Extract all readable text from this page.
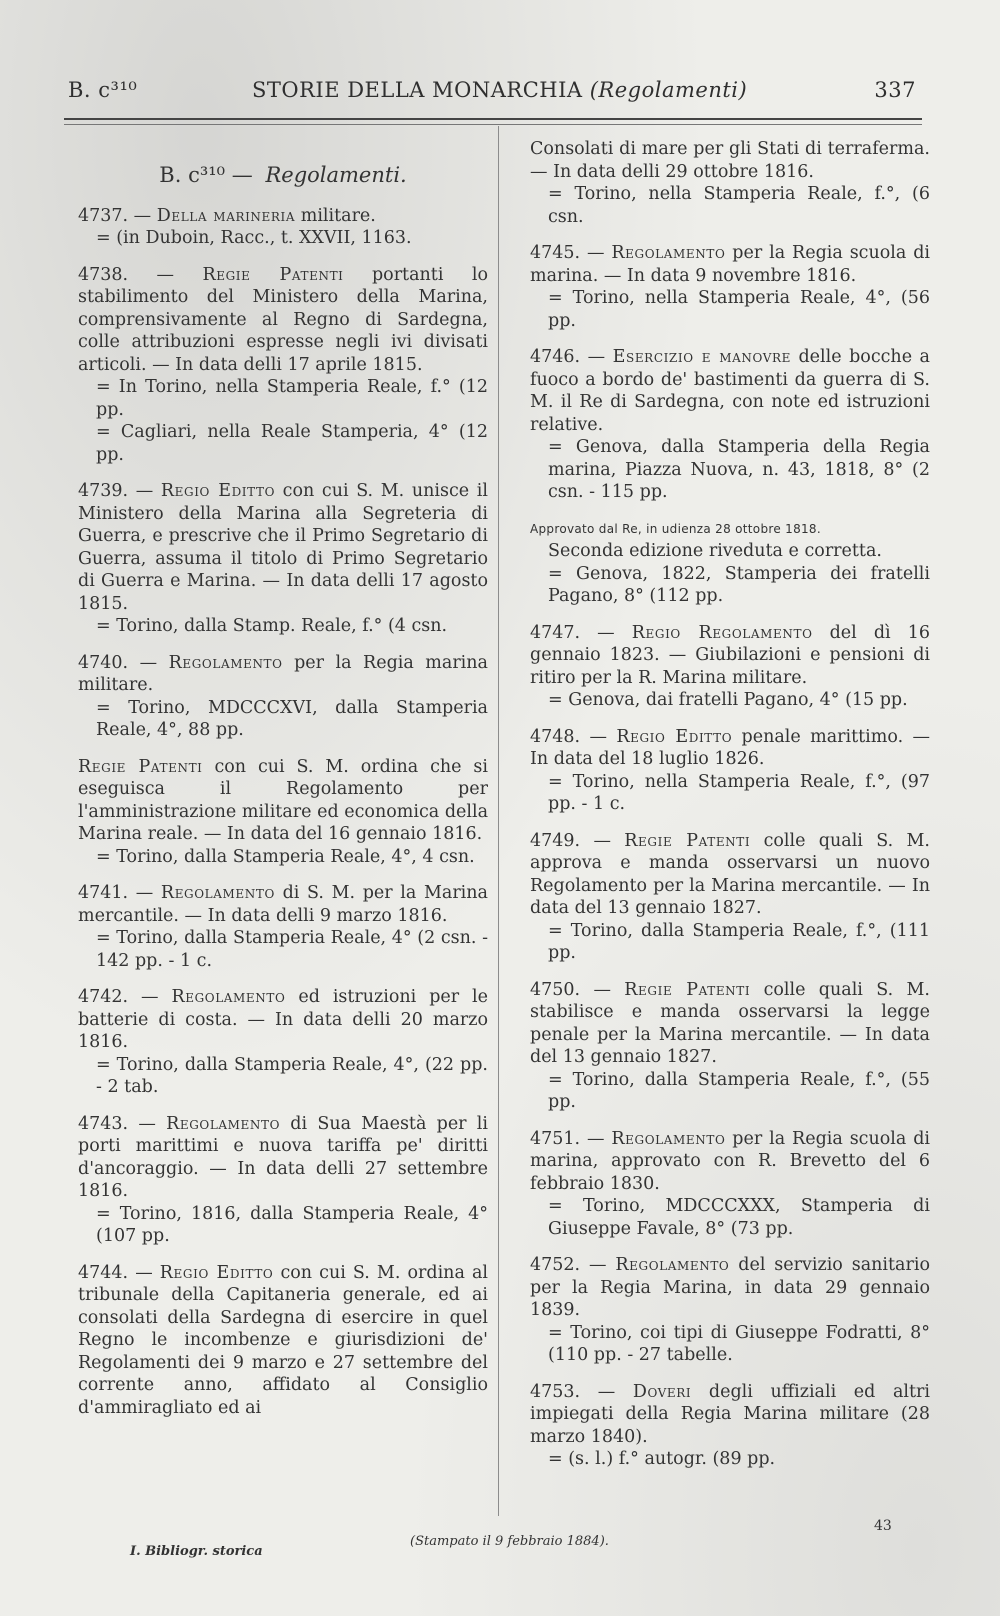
B. c³¹⁰	STORIE DELLA MONARCHIA (Regolamenti)	337
B. c³¹⁰ — Regolamenti.

4737. — Della marineria militare.

= (in Duboin, Racc., t. XXVII, 1163.

4738. — Regie Patenti portanti lo stabilimento del Ministero della Marina, comprensivamente al Regno di Sardegna, colle attribuzioni espresse negli ivi divisati articoli. — In data delli 17 aprile 1815.

= In Torino, nella Stamperia Reale, f.° (12 pp.

= Cagliari, nella Reale Stamperia, 4° (12 pp.

4739. — Regio Editto con cui S. M. unisce il Ministero della Marina alla Segreteria di Guerra, e prescrive che il Primo Segretario di Guerra, assuma il titolo di Primo Segretario di Guerra e Marina. — In data delli 17 agosto 1815.

= Torino, dalla Stamp. Reale, f.° (4 csn.

4740. — Regolamento per la Regia marina militare.

= Torino, MDCCCXVI, dalla Stamperia Reale, 4°, 88 pp.

Regie Patenti con cui S. M. ordina che si eseguisca il Regolamento per l'amministrazione militare ed economica della Marina reale. — In data del 16 gennaio 1816.

= Torino, dalla Stamperia Reale, 4°, 4 csn.

4741. — Regolamento di S. M. per la Marina mercantile. — In data delli 9 marzo 1816.

= Torino, dalla Stamperia Reale, 4° (2 csn. - 142 pp. - 1 c.

4742. — Regolamento ed istruzioni per le batterie di costa. — In data delli 20 marzo 1816.

= Torino, dalla Stamperia Reale, 4°, (22 pp. - 2 tab.

4743. — Regolamento di Sua Maestà per li porti marittimi e nuova tariffa pe' diritti d'ancoraggio. — In data delli 27 settembre 1816.

= Torino, 1816, dalla Stamperia Reale, 4° (107 pp.

4744. — Regio Editto con cui S. M. ordina al tribunale della Capitaneria generale, ed ai consolati della Sardegna di esercire in quel Regno le incombenze e giurisdizioni de' Regolamenti dei 9 marzo e 27 settembre del corrente anno, affidato al Consiglio d'ammiragliato ed ai

Consolati di mare per gli Stati di terraferma. — In data delli 29 ottobre 1816.

= Torino, nella Stamperia Reale, f.°, (6 csn.

4745. — Regolamento per la Regia scuola di marina. — In data 9 novembre 1816.

= Torino, nella Stamperia Reale, 4°, (56 pp.

4746. — Esercizio e manovre delle bocche a fuoco a bordo de' bastimenti da guerra di S. M. il Re di Sardegna, con note ed istruzioni relative.

= Genova, dalla Stamperia della Regia marina, Piazza Nuova, n. 43, 1818, 8° (2 csn. - 115 pp.

Approvato dal Re, in udienza 28 ottobre 1818.

Seconda edizione riveduta e corretta.

= Genova, 1822, Stamperia dei fratelli Pagano, 8° (112 pp.

4747. — Regio Regolamento del dì 16 gennaio 1823. — Giubilazioni e pensioni di ritiro per la R. Marina militare.

= Genova, dai fratelli Pagano, 4° (15 pp.

4748. — Regio Editto penale marittimo. — In data del 18 luglio 1826.

= Torino, nella Stamperia Reale, f.°, (97 pp. - 1 c.

4749. — Regie Patenti colle quali S. M. approva e manda osservarsi un nuovo Regolamento per la Marina mercantile. — In data del 13 gennaio 1827.

= Torino, dalla Stamperia Reale, f.°, (111 pp.

4750. — Regie Patenti colle quali S. M. stabilisce e manda osservarsi la legge penale per la Marina mercantile. — In data del 13 gennaio 1827.

= Torino, dalla Stamperia Reale, f.°, (55 pp.

4751. — Regolamento per la Regia scuola di marina, approvato con R. Brevetto del 6 febbraio 1830.

= Torino, MDCCCXXX, Stamperia di Giuseppe Favale, 8° (73 pp.

4752. — Regolamento del servizio sanitario per la Regia Marina, in data 29 gennaio 1839.

= Torino, coi tipi di Giuseppe Fodratti, 8° (110 pp. - 27 tabelle.

4753. — Doveri degli uffiziali ed altri impiegati della Regia Marina militare (28 marzo 1840).

= (s. l.) f.° autogr. (89 pp.

I. Bibliogr. storica
(Stampato il 9 febbraio 1884).
43
